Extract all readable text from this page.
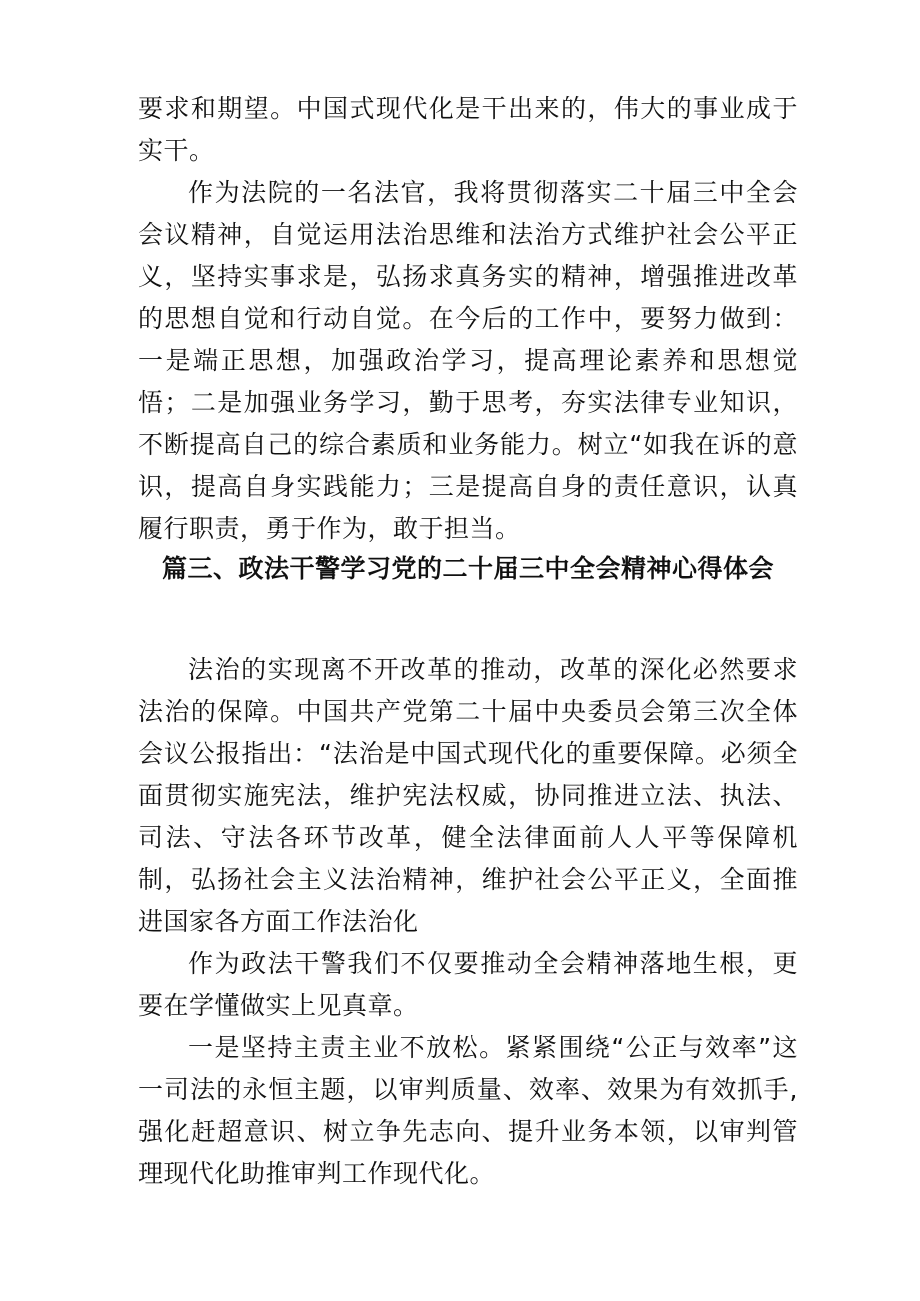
要求和期望。中国式现代化是干出来的，伟大的事业成于实干。

作为法院的一名法官，我将贯彻落实二十届三中全会会议精神，自觉运用法治思维和法治方式维护社会公平正义，坚持实事求是，弘扬求真务实的精神，增强推进改革的思想自觉和行动自觉。在今后的工作中，要努力做到：一是端正思想，加强政治学习，提高理论素养和思想觉悟；二是加强业务学习，勤于思考，夯实法律专业知识，不断提高自己的综合素质和业务能力。树立“如我在诉的意识，提高自身实践能力；三是提高自身的责任意识，认真履行职责，勇于作为，敢于担当。

篇三、政法干警学习党的二十届三中全会精神心得体会

法治的实现离不开改革的推动，改革的深化必然要求法治的保障。中国共产党第二十届中央委员会第三次全体会议公报指出：“法治是中国式现代化的重要保障。必须全面贯彻实施宪法，维护宪法权威，协同推进立法、执法、司法、守法各环节改革，健全法律面前人人平等保障机制，弘扬社会主义法治精神，维护社会公平正义，全面推进国家各方面工作法治化

作为政法干警我们不仅要推动全会精神落地生根，更要在学懂做实上见真章。

一是坚持主责主业不放松。紧紧围绕“公正与效率”这一司法的永恒主题，以审判质量、效率、效果为有效抓手,强化赶超意识、树立争先志向、提升业务本领，以审判管理现代化助推审判工作现代化。
